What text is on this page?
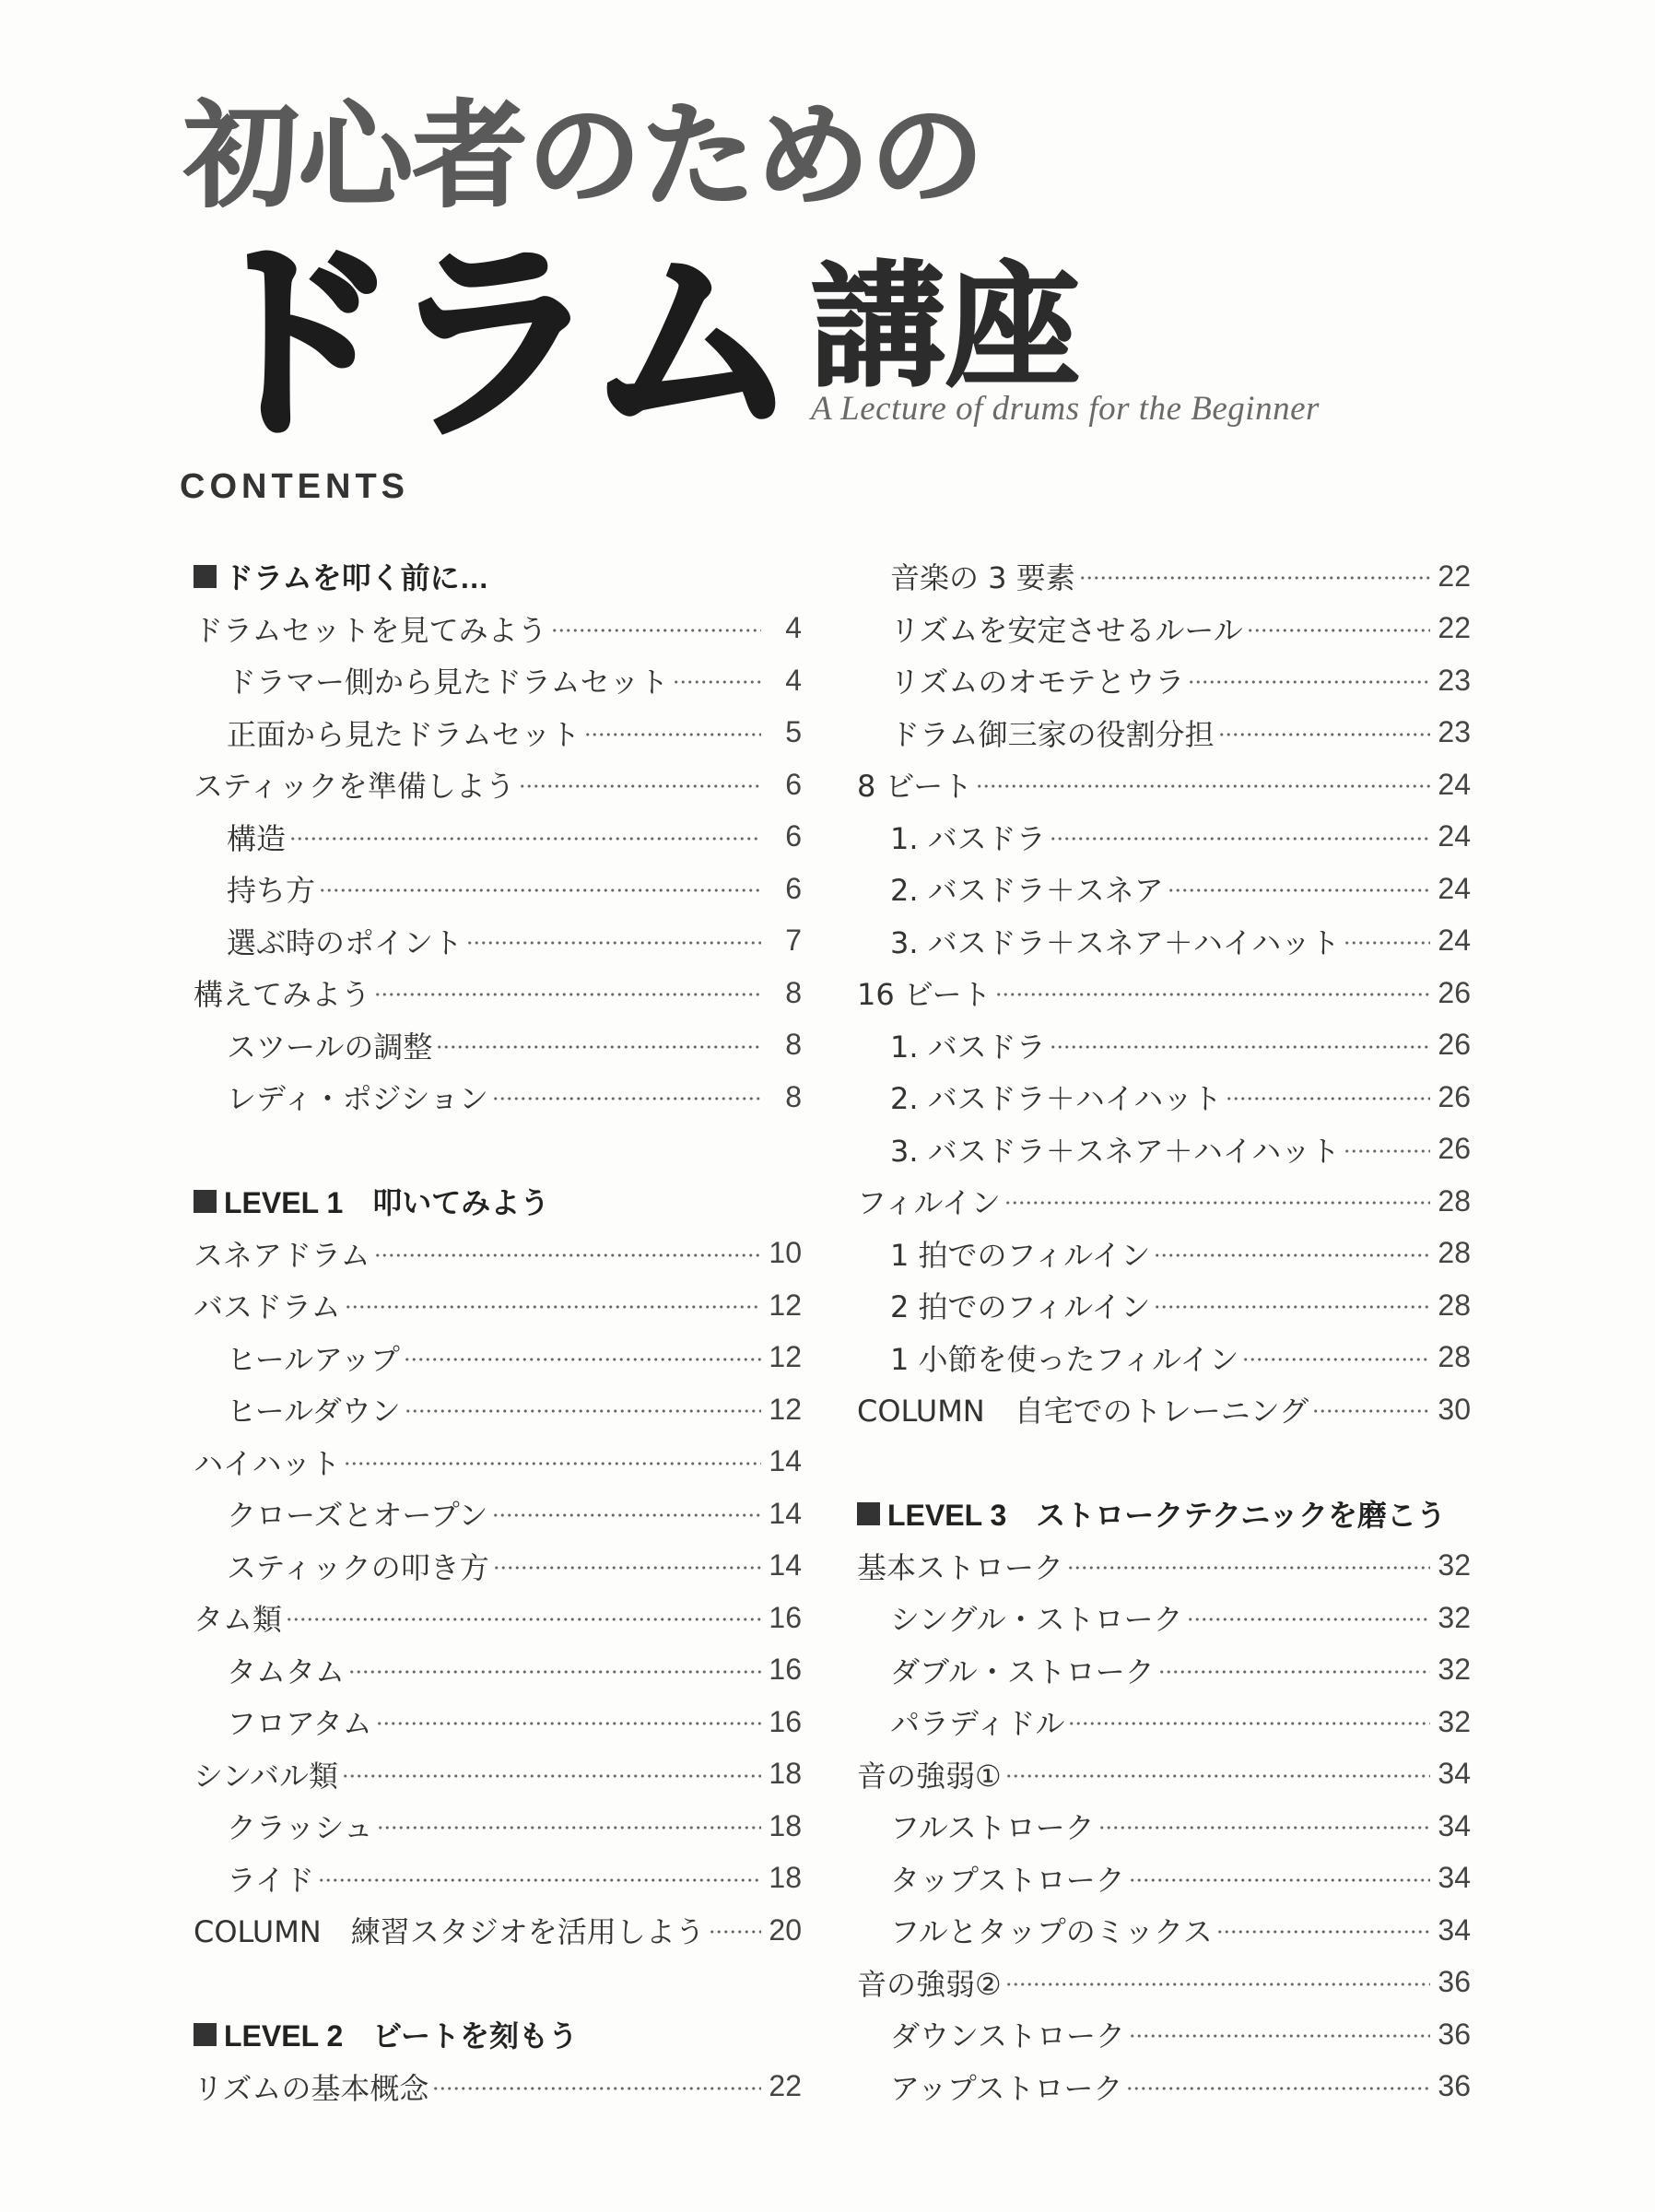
初心者のための
ドラム 講座
A Lecture of drums for the Beginner
CONTENTS
ドラムを叩く前に…
ドラムセットを見てみよう	4
ドラマー側から見たドラムセット	4
正面から見たドラムセット	5
スティックを準備しよう	6
構造	6
持ち方	6
選ぶ時のポイント	7
構えてみよう	8
スツールの調整	8
レディ・ポジション	8
LEVEL 1　叩いてみよう
スネアドラム	10
バスドラム	12
ヒールアップ	12
ヒールダウン	12
ハイハット	14
クローズとオープン	14
スティックの叩き方	14
タム類	16
タムタム	16
フロアタム	16
シンバル類	18
クラッシュ	18
ライド	18
COLUMN　練習スタジオを活用しよう 20
LEVEL 2　ビートを刻もう
リズムの基本概念	22
音楽の 3 要素	22
リズムを安定させるルール	22
リズムのオモテとウラ	23
ドラム御三家の役割分担	23
8 ビート	24
1. バスドラ	24
2. バスドラ＋スネア	24
3. バスドラ＋スネア＋ハイハット	24
16 ビート	26
1. バスドラ	26
2. バスドラ＋ハイハット	26
3. バスドラ＋スネア＋ハイハット	26
フィルイン	28
1 拍でのフィルイン	28
2 拍でのフィルイン	28
1 小節を使ったフィルイン	28
COLUMN　自宅でのトレーニング	30
LEVEL 3　ストロークテクニックを磨こう
基本ストローク	32
シングル・ストローク	32
ダブル・ストローク	32
パラディドル	32
音の強弱①	34
フルストローク	34
タップストローク	34
フルとタップのミックス	34
音の強弱②	36
ダウンストローク	36
アップストローク	36
